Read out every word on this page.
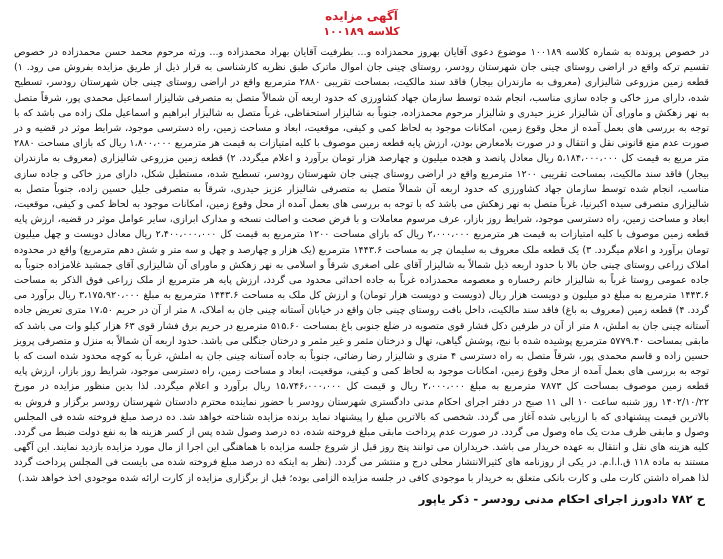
آگهی مزایده
کلاسه ۱۰۰۱۸۹
در خصوص پرونده به شماره کلاسه ۱۰۰۱۸۹ موضوع دعوی آقایان بهروز محمدزاده و... بطرفیت آقایان بهراد محمدزاده و... ورثه مرحوم محمد حسن محمدزاده در خصوص تقسیم ترکه واقع در اراضی روستای چینی جان شهرستان رودسر، روستای چینی جان اموال ماترک طبق نظریه کارشناسی به قرار ذیل از طریق مزایده بفروش می رود. ۱) قطعه زمین مزروعی شالیزاری (معروف به مازندران بیجار) فاقد سند مالکیت، بمساحت تقریبی ۲۸۸۰ مترمربع واقع در اراضی روستای چینی جان شهرستان رودسر، تسطیح شده، دارای مرز خاکی و جاده سازی مناسب، انجام شده توسط سازمان جهاد کشاورزی که حدود اربعه آن شمالاً متصل به متصرفی شالیزار اسماعیل محمدی پور، شرقاً متصل به نهر زهکش و ماورای آن شالیزار عزیز حیدری و شالیزار مرحوم محمدزاده، جنوباً به شالیزار استحفاظی، غرباً متصل به شالیزار ابراهیم و اسماعیل ملک زاده می باشد که با توجه به بررسی های بعمل آمده از محل وقوع زمین، امکانات موجود به لحاظ کمی و کیفی، موقعیت، ابعاد و مساحت زمین، راه دسترسی موجود، شرایط موثر در قضیه و در صورت عدم منع قانونی نقل و انتقال و در صورت بلامعارض بودن، ارزش پایه قطعه زمین موصوف با کلیه امتیازات به قیمت هر مترمربع ۱،۸۰۰،۰۰۰ ریال که بازای مساحت ۲۸۸۰ متر مربع به قیمت کل ۵،۱۸۴،۰۰۰،۰۰۰ ریال معادل پانصد و هجده میلیون و چهارصد هزار تومان برآورد و اعلام میگردد. ۲) قطعه زمین مزروعی شالیزاری (معروف به مازندران بیجار) فاقد سند مالکیت، بمساحت تقریبی ۱۲۰۰ مترمربع واقع در اراضی روستای چینی جان شهرستان رودسر، تسطیح شده، مستطیل شکل، دارای مرز خاکی و جاده سازی مناسب، انجام شده توسط سازمان جهاد کشاورزی که حدود اربعه آن شمالاً متصل به متصرفی شالیزار عزیز حیدری، شرقاً به متصرفی جلیل حسین زاده، جنوباً متصل به شالیزاری متصرفی سیده اکبرنیا، غرباً متصل به نهر زهکش می باشد که با توجه به بررسی های بعمل آمده از محل وقوع زمین، امکانات موجود به لحاظ کمی و کیفی، موقعیت، ابعاد و مساحت زمین، راه دسترسی موجود، شرایط روز بازار، عرف مرسوم معاملات و با فرض صحت و اصالت نسخه و مدارک ابرازی، سایر عوامل موثر در قضیه، ارزش پایه قطعه زمین موصوف با کلیه امتیازات به قیمت هر مترمربع ۲،۰۰۰،۰۰۰ ریال که بازای مساحت ۱۲۰۰ مترمربع به قیمت کل ۲،۴۰۰،۰۰۰،۰۰۰ ریال معادل دویست و چهل میلیون تومان برآورد و اعلام میگردد. ۳) یک قطعه ملک معروف به سلیمان چر به مساحت ۱۴۴۳.۶ مترمربع (یک هزار و چهارصد و چهل و سه متر و شش دهم مترمربع) واقع در محدوده املاک زراعی روستای چینی جان بالا با حدود اربعه ذیل شمالاً به شالیزار آقای علی اصغری شرقاً و اسلامی به نهر زهکش و ماورای آن شالیزاری آقای جمشید غلامزاده جنوباً به جاده عمومی روستا غرباً به شالیزار خانم رخساره و معصومه محمدزاده غرباً به جاده احداثی محدود می گردد، ارزش پایه هر مترمربع از ملک زراعی فوق الذکر به مساحت ۱۴۴۳.۶ مترمربع به مبلغ دو میلیون و دویست هزار ریال (دویست و دویست هزار تومان) و ارزش کل ملک به مساحت ۱۴۴۳.۶ مترمربع به مبلغ ۳،۱۷۵،۹۲۰،۰۰۰ ریال برآورد می گردد. ۴) قطعه زمین (معروف به باغ) فاقد سند مالکیت، داخل بافت روستای چینی جان واقع در خیابان آستانه چینی جان به املاک، ۸ متر از آن در حریم ۱۷،۵۰ متری تعریض جاده آستانه چینی جان به املش، ۸ متر از آن در طرفین دکل فشار قوی متصوبه در ضلع جنوبی باغ بمساحت ۵۱۵.۶۰ مترمربع در حریم برق فشار قوی ۶۳ هزار کیلو وات می باشد که مابقی بمساحت ۵۷۷۹.۴۰ مترمربع پوشیده شده با نیج، پوشش گیاهی، تهال و درختان مثمر و غیر مثمر و درختان جنگلی می باشد. حدود اربعه آن شمالاً به منزل و متصرفی پرویز حسین زاده و قاسم محمدی پور، شرقاً متصل به راه دسترسی ۴ متری و شالیزار رضا رضائی، جنوباً به جاده آستانه چینی جان به املش، غرباً به کوچه محدود شده است که با توجه به بررسی های بعمل آمده از محل وقوع زمین، امکانات موجود به لحاظ کمی و کیفی، موقعیت، ابعاد و مساحت زمین، راه دسترسی موجود، شرایط روز بازار، ارزش پایه قطعه زمین موصوف بمساحت کل ۷۸۷۳ مترمربع به مبلغ ۲،۰۰۰،۰۰۰ ریال و قیمت کل ۱۵،۷۴۶،۰۰۰،۰۰۰ ریال برآورد و اعلام میگردد. لذا بدین منظور مزایده در مورخ ۱۴۰۲/۱۰/۲۲ روز شنبه ساعت ۱۰ الی ۱۱ صبح در دفتر اجرای احکام مدنی دادگستری شهرستان رودسر با حضور نماینده محترم دادستان شهرستان رودسر برگزار و فروش به بالاترین قیمت پیشنهادی که با ارزیابی شده آغاز می گردد. شخصی که بالاترین مبلغ را پیشنهاد نماید برنده مزایده شناخته خواهد شد. ده درصد مبلغ فروخته شده فی المجلس وصول و مابقی ظرف مدت یک ماه وصول می گردد. در صورت عدم پرداخت مابقی مبلغ فروخته شده، ده درصد وصول شده پس از کسر هزینه ها به نفع دولت ضبط می گردد. کلیه هزینه های نقل و انتقال به عهده خریدار می باشد. خریداران می توانند پنج روز قبل از شروع جلسه مزایده با هماهنگی این اجرا از مال مورد مزایده بازدید نمایند. این آگهی مستند به ماده ۱۱۸ ق.ا.ا.م. در یکی از روزنامه های کثیرالانتشار محلی درج و منتشر می گردد. (نظر به اینکه ده درصد مبلغ فروخته شده می بایست فی المجلس پرداخت گردد لذا همراه داشتن کارت ملی و کارت بانکی متعلق به خریدار با موجودی کافی در جلسه مزایده الزامی بوده؛ قبل از برگزاری مزایده از کارت ارائه شده موجودی اخذ خواهد شد.)
ح ۷۸۲ دادورز اجرای احکام مدنی رودسر - ذکر یاپور
